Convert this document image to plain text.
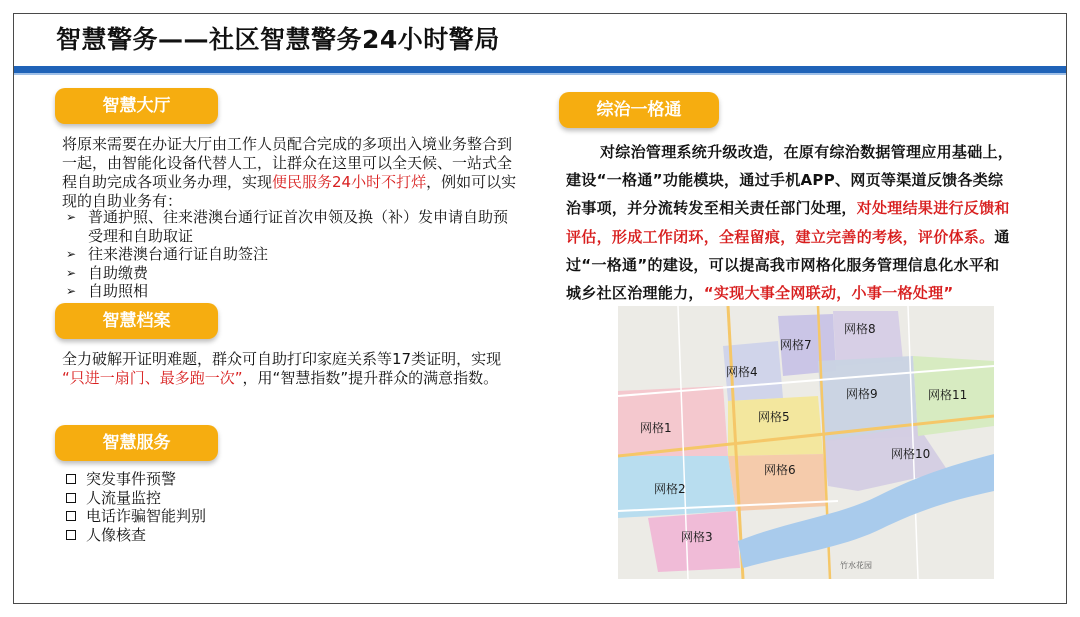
智慧警务——社区智慧警务24小时警局
智慧大厅
将原来需要在办证大厅由工作人员配合完成的多项出入境业务整合到
一起，由智能化设备代替人工，让群众在这里可以全天候、一站式全
程自助完成各项业务办理，实现便民服务24小时不打烊，例如可以实
现的自助业务有：
➢ 普通护照、往来港澳台通行证首次申领及换（补）发申请自助预
受理和自助取证
➢ 往来港澳台通行证自助签注
➢ 自助缴费
➢ 自助照相
智慧档案
全力破解开证明难题，群众可自助打印家庭关系等17类证明，实现
“只进一扇门、最多跑一次”，用“智慧指数”提升群众的满意指数。
智慧服务
突发事件预警
人流量监控
电话诈骗智能判别
人像核查
综治一格通
对综治管理系统升级改造，在原有综治数据管理应用基础上，
建设“一格通”功能模块，通过手机APP、网页等渠道反馈各类综
治事项，并分流转发至相关责任部门处理，对处理结果进行反馈和
评估，形成工作闭环，全程留痕，建立完善的考核，评价体系。通
过“一格通”的建设，可以提高我市网格化服务管理信息化水平和
城乡社区治理能力，“实现大事全网联动，小事一格处理”
网格1
网格2
网格3
网格4
网格5
网格6
网格7
网格8
网格9
网格10
网格11
竹水花园
